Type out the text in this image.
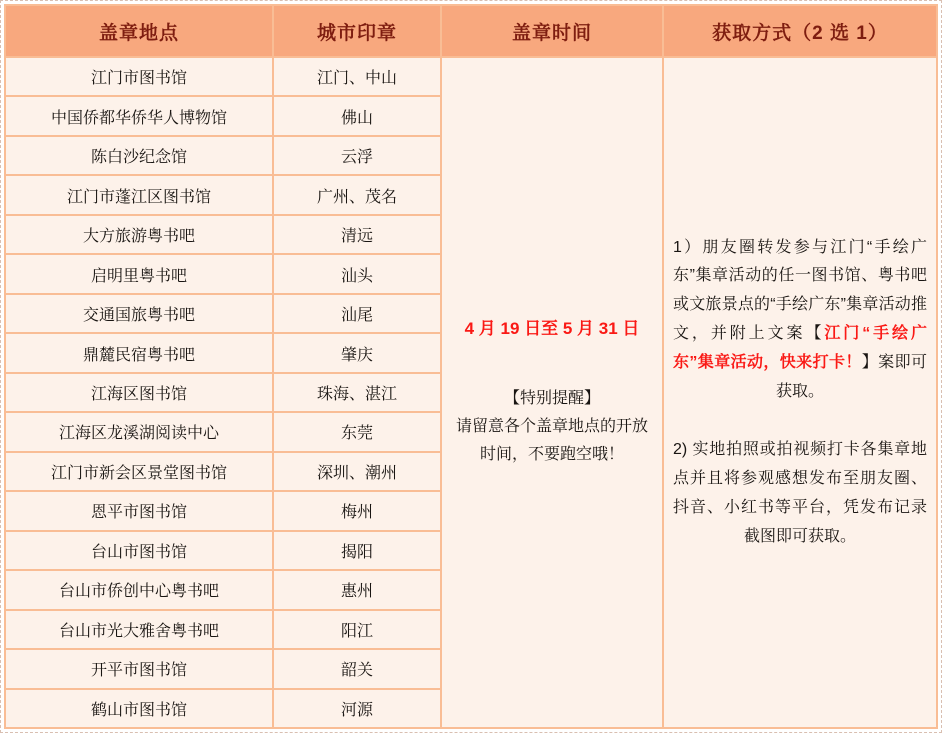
盖章地点	城市印章	盖章时间	获取方式（2 选 1）
江门市图书馆	江门、中山
中国侨都华侨华人博物馆	佛山
陈白沙纪念馆	云浮
江门市蓬江区图书馆	广州、茂名
大方旅游粤书吧	清远
启明里粤书吧	汕头
交通国旅粤书吧	汕尾
鼎麓民宿粤书吧	肇庆
江海区图书馆	珠海、湛江
江海区龙溪湖阅读中心	东莞
江门市新会区景堂图书馆	深圳、潮州
恩平市图书馆	梅州
台山市图书馆	揭阳
台山市侨创中心粤书吧	惠州
台山市光大雅舍粤书吧	阳江
开平市图书馆	韶关
鹤山市图书馆	河源
4 月 19 日至 5 月 31 日
【特别提醒】
请留意各个盖章地点的开放时间，不要跑空哦！

1）朋友圈转发参与江门“手绘广东”集章活动的任一图书馆、粤书吧或文旅景点的“手绘广东”集章活动推文，并附上文案【江门“手绘广东”集章活动，快来打卡！】案即可获取。

2) 实地拍照或拍视频打卡各集章地点并且将参观感想发布至朋友圈、抖音、小红书等平台，凭发布记录截图即可获取。
